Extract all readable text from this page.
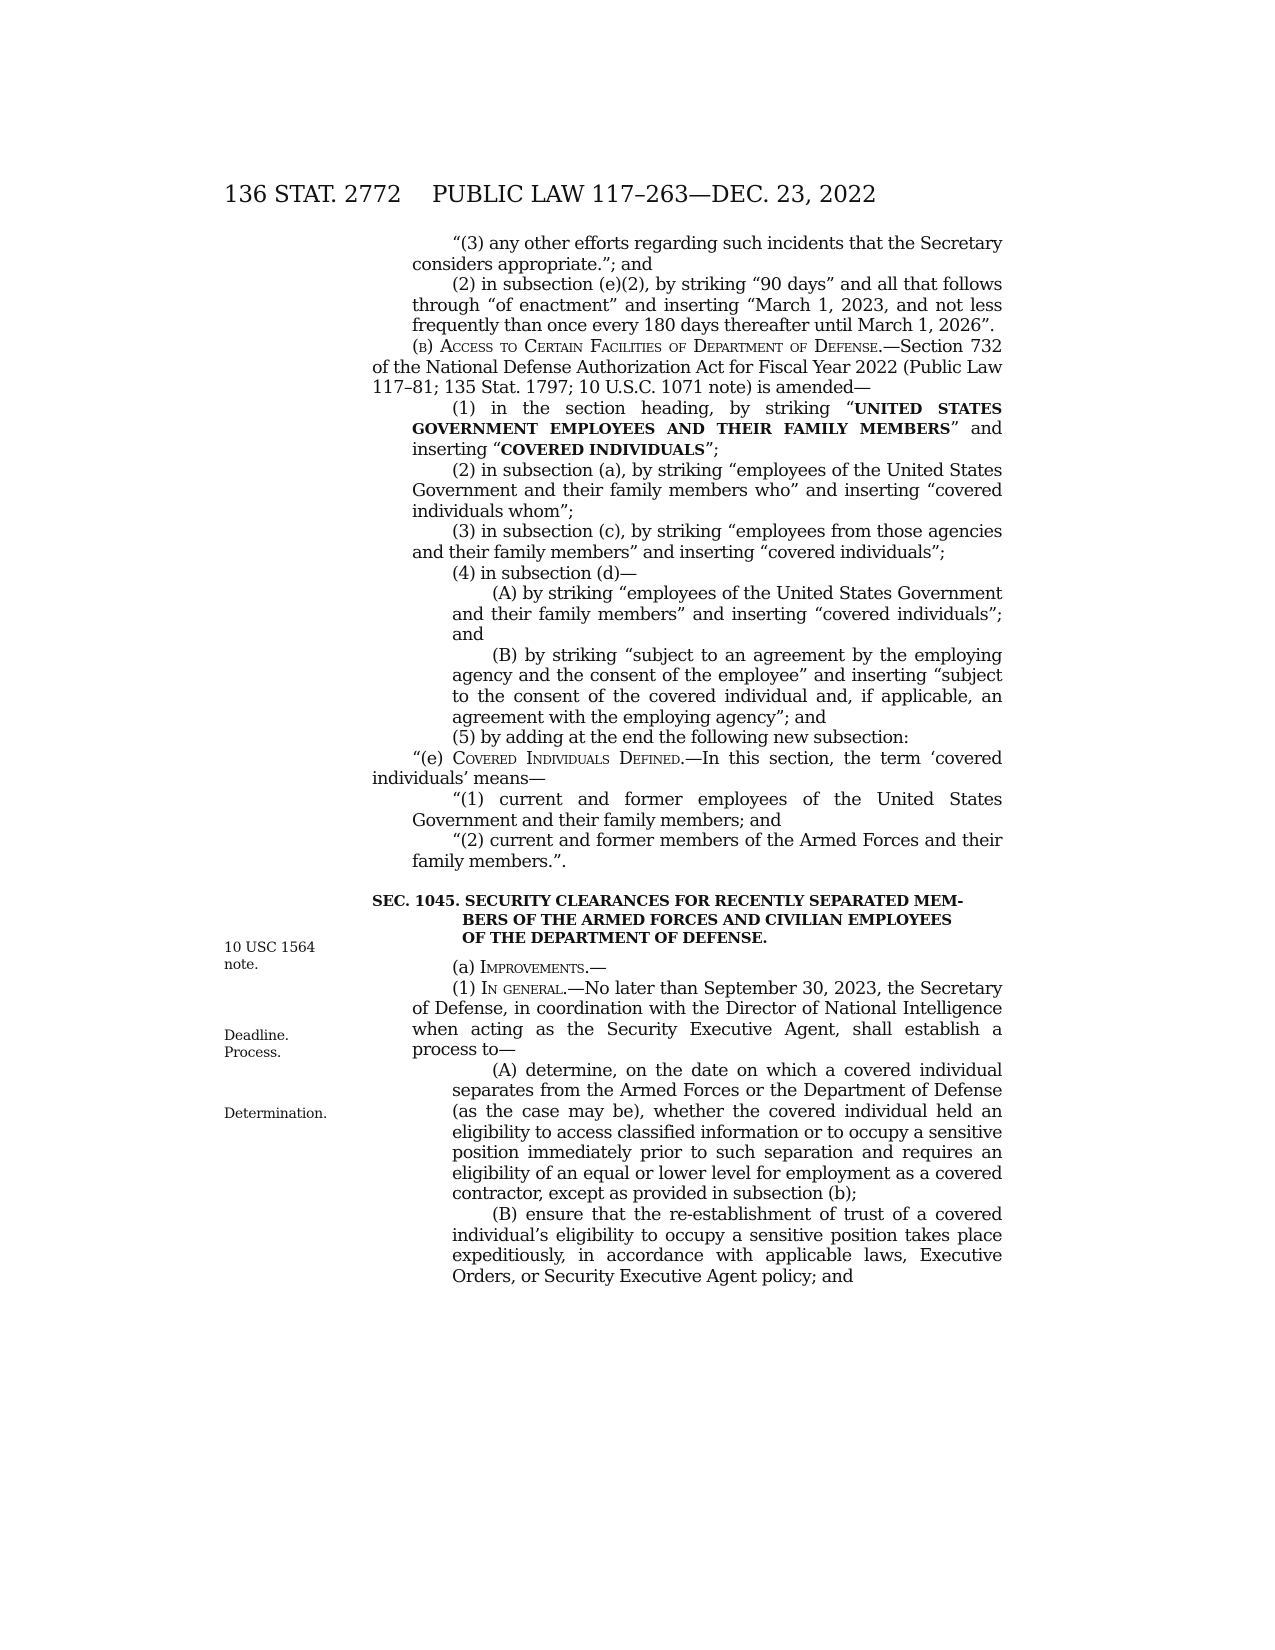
136 STAT. 2772 PUBLIC LAW 117–263—DEC. 23, 2022
10 USC 1564
note.
Deadline.
Process.
Determination.

“(3) any other efforts regarding such incidents that the Secretary considers appropriate.”; and

(2) in subsection (e)(2), by striking “90 days” and all that follows through “of enactment” and inserting “March 1, 2023, and not less frequently than once every 180 days thereafter until March 1, 2026”.

(b) Access to Certain Facilities of Department of Defense.—Section 732 of the National Defense Authorization Act for Fiscal Year 2022 (Public Law 117–81; 135 Stat. 1797; 10 U.S.C. 1071 note) is amended—

(1) in the section heading, by striking “UNITED STATES GOVERNMENT EMPLOYEES AND THEIR FAMILY MEMBERS” and inserting “COVERED INDIVIDUALS”;

(2) in subsection (a), by striking “employees of the United States Government and their family members who” and inserting “covered individuals whom”;

(3) in subsection (c), by striking “employees from those agencies and their family members” and inserting “covered individuals”;

(4) in subsection (d)—

(A) by striking “employees of the United States Government and their family members” and inserting “covered individuals”; and

(B) by striking “subject to an agreement by the employing agency and the consent of the employee” and inserting “subject to the consent of the covered individual and, if applicable, an agreement with the employing agency”; and

(5) by adding at the end the following new subsection:

“(e) Covered Individuals Defined.—In this section, the term ‘covered individuals’ means—

“(1) current and former employees of the United States Government and their family members; and

“(2) current and former members of the Armed Forces and their family members.”.

SEC. 1045. SECURITY CLEARANCES FOR RECENTLY SEPARATED MEM-
BERS OF THE ARMED FORCES AND CIVILIAN EMPLOYEES
OF THE DEPARTMENT OF DEFENSE.

(a) Improvements.—

(1) In general.—No later than September 30, 2023, the Secretary of Defense, in coordination with the Director of National Intelligence when acting as the Security Executive Agent, shall establish a process to—

(A) determine, on the date on which a covered individual separates from the Armed Forces or the Department of Defense (as the case may be), whether the covered individual held an eligibility to access classified information or to occupy a sensitive position immediately prior to such separation and requires an eligibility of an equal or lower level for employment as a covered contractor, except as provided in subsection (b);

(B) ensure that the re-establishment of trust of a covered individual’s eligibility to occupy a sensitive position takes place expeditiously, in accordance with applicable laws, Executive Orders, or Security Executive Agent policy; and
